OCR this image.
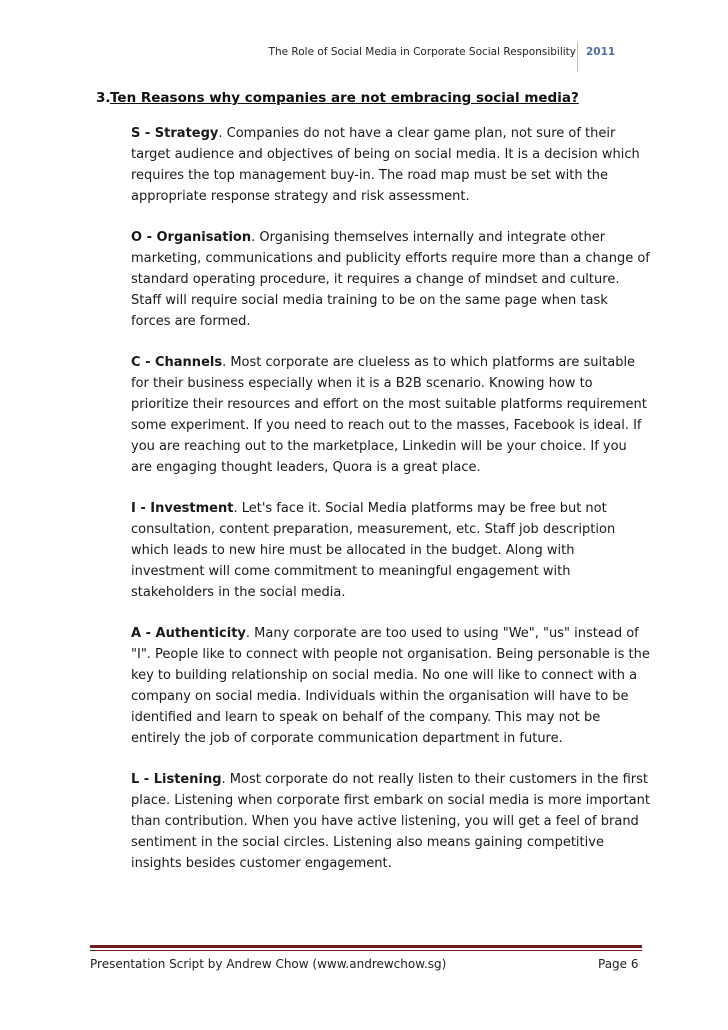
The Role of Social Media in Corporate Social Responsibility 2011
3. Ten Reasons why companies are not embracing social media?

S - Strategy. Companies do not have a clear game plan, not sure of their target audience and objectives of being on social media. It is a decision which requires the top management buy-in. The road map must be set with the appropriate response strategy and risk assessment.

O - Organisation. Organising themselves internally and integrate other marketing, communications and publicity efforts require more than a change of standard operating procedure, it requires a change of mindset and culture. Staff will require social media training to be on the same page when task forces are formed.

C - Channels. Most corporate are clueless as to which platforms are suitable for their business especially when it is a B2B scenario. Knowing how to prioritize their resources and effort on the most suitable platforms requirement some experiment. If you need to reach out to the masses, Facebook is ideal. If you are reaching out to the marketplace, Linkedin will be your choice. If you are engaging thought leaders, Quora is a great place.

I - Investment. Let's face it. Social Media platforms may be free but not consultation, content preparation, measurement, etc. Staff job description which leads to new hire must be allocated in the budget. Along with investment will come commitment to meaningful engagement with stakeholders in the social media.

A - Authenticity. Many corporate are too used to using "We", "us" instead of "I". People like to connect with people not organisation. Being personable is the key to building relationship on social media. No one will like to connect with a company on social media. Individuals within the organisation will have to be identified and learn to speak on behalf of the company. This may not be entirely the job of corporate communication department in future.

L - Listening. Most corporate do not really listen to their customers in the first place. Listening when corporate first embark on social media is more important than contribution. When you have active listening, you will get a feel of brand sentiment in the social circles. Listening also means gaining competitive insights besides customer engagement.

Presentation Script by Andrew Chow (www.andrewchow.sg)	Page 6
